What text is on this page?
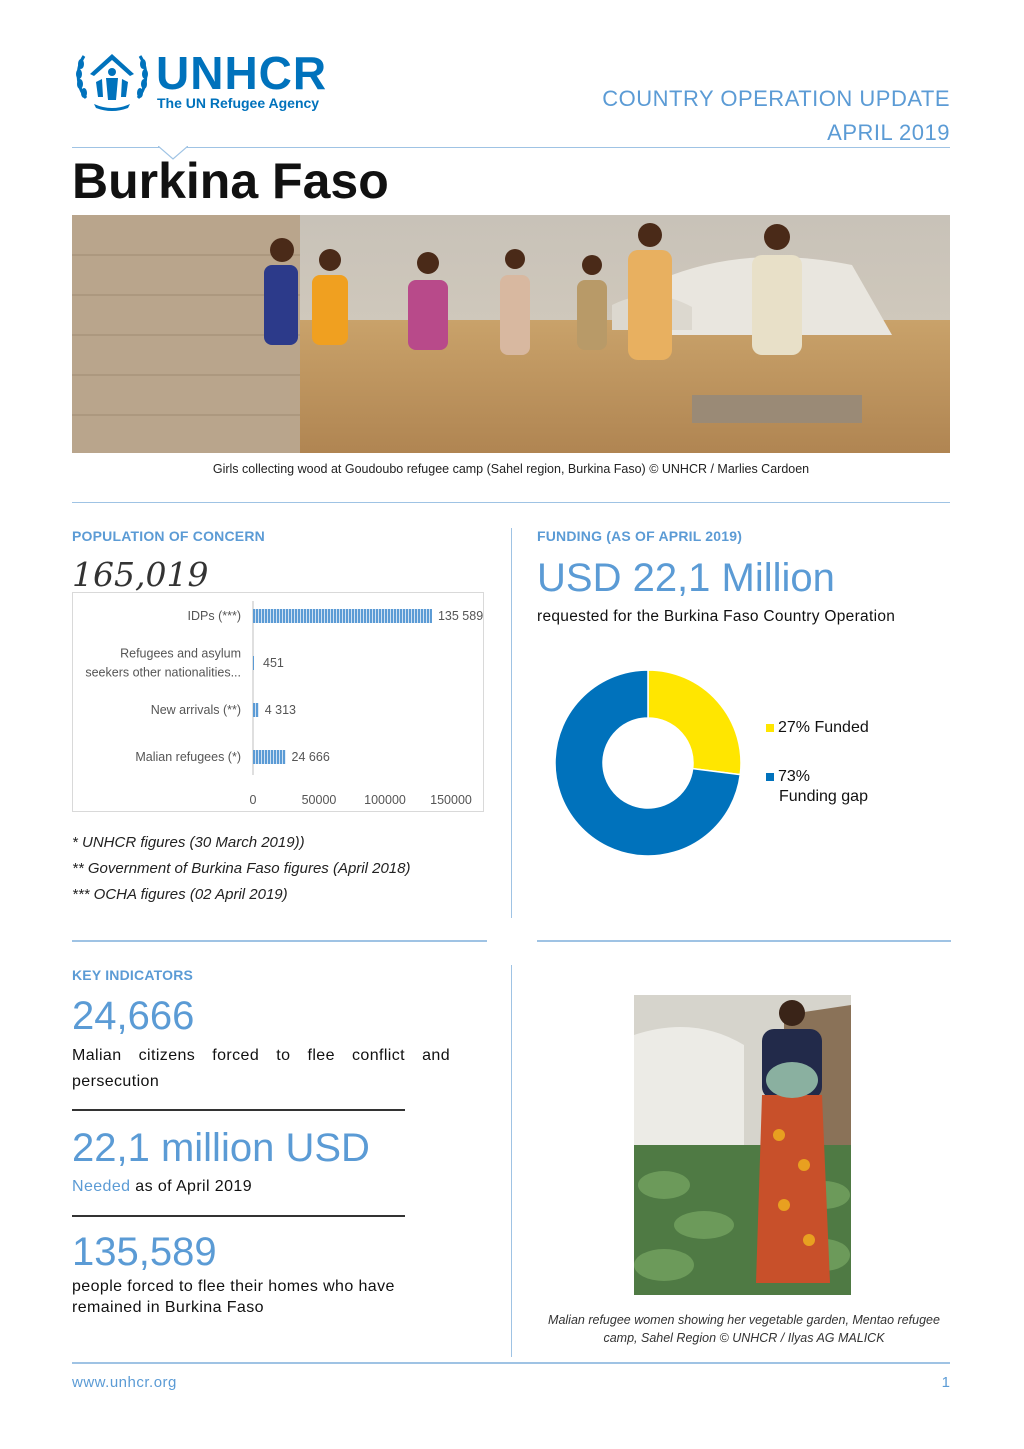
UNHCR
The UN Refugee Agency	COUNTRY OPERATION UPDATE
APRIL 2019
Burkina Faso
Girls collecting wood at Goudoubo refugee camp (Sahel region, Burkina Faso) © UNHCR / Marlies Cardoen
POPULATION OF CONCERN
165,019
IDPs (***)	135 589
Refugees and asylum
seekers other nationalities...
451
New arrivals (**) 4 313
Malian refugees (*)	24 666
0	50000 100000 150000
* UNHCR figures (30 March 2019))
** Government of Burkina Faso figures (April 2018)
*** OCHA figures (02 April 2019)
FUNDING (AS OF APRIL 2019)
USD 22,1 Million
requested for the Burkina Faso Country Operation
27% Funded
73%
Funding gap
KEY INDICATORS
24,666
Malian citizens forced to flee conflict and persecution
22,1 million USD
Needed as of April 2019
135,589
people forced to flee their homes who have remained in Burkina Faso
Malian refugee women showing her vegetable garden, Mentao refugee camp, Sahel Region © UNHCR / Ilyas AG MALICK
www.unhcr.org	1
